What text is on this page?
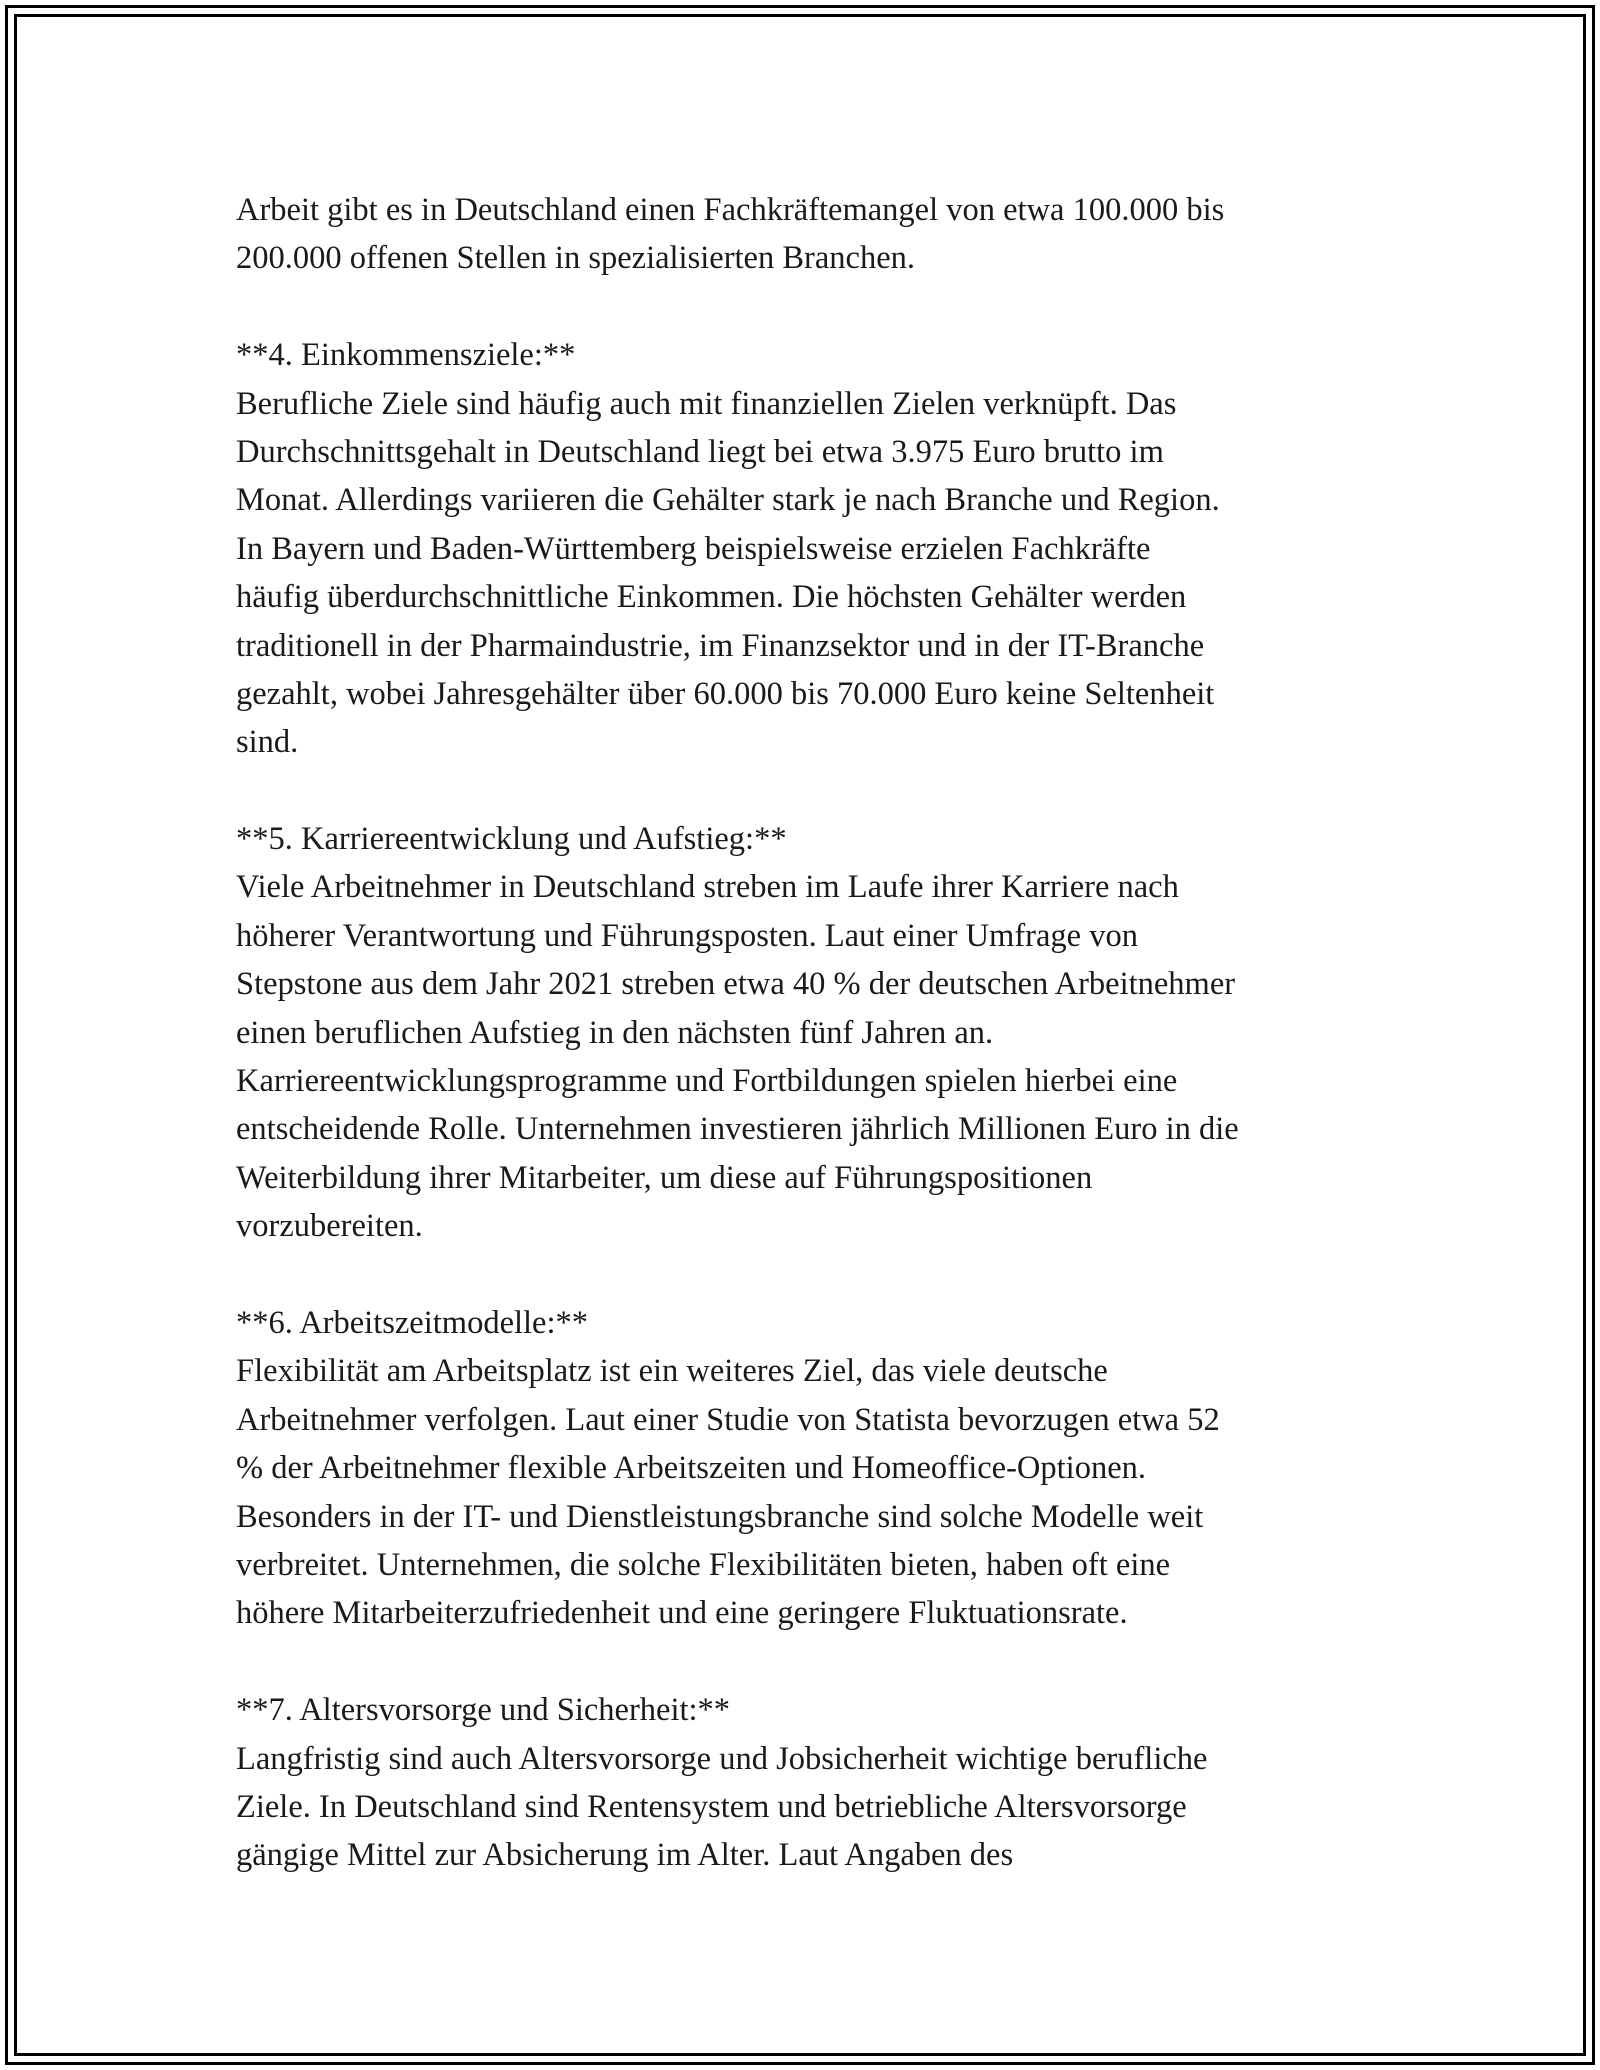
Arbeit gibt es in Deutschland einen Fachkräftemangel von etwa 100.000 bis
200.000 offenen Stellen in spezialisierten Branchen.
**4. Einkommensziele:**
Berufliche Ziele sind häufig auch mit finanziellen Zielen verknüpft. Das
Durchschnittsgehalt in Deutschland liegt bei etwa 3.975 Euro brutto im
Monat. Allerdings variieren die Gehälter stark je nach Branche und Region.
In Bayern und Baden-Württemberg beispielsweise erzielen Fachkräfte
häufig überdurchschnittliche Einkommen. Die höchsten Gehälter werden
traditionell in der Pharmaindustrie, im Finanzsektor und in der IT-Branche
gezahlt, wobei Jahresgehälter über 60.000 bis 70.000 Euro keine Seltenheit
sind.
**5. Karriereentwicklung und Aufstieg:**
Viele Arbeitnehmer in Deutschland streben im Laufe ihrer Karriere nach
höherer Verantwortung und Führungsposten. Laut einer Umfrage von
Stepstone aus dem Jahr 2021 streben etwa 40 % der deutschen Arbeitnehmer
einen beruflichen Aufstieg in den nächsten fünf Jahren an.
Karriereentwicklungsprogramme und Fortbildungen spielen hierbei eine
entscheidende Rolle. Unternehmen investieren jährlich Millionen Euro in die
Weiterbildung ihrer Mitarbeiter, um diese auf Führungspositionen
vorzubereiten.
**6. Arbeitszeitmodelle:**
Flexibilität am Arbeitsplatz ist ein weiteres Ziel, das viele deutsche
Arbeitnehmer verfolgen. Laut einer Studie von Statista bevorzugen etwa 52
% der Arbeitnehmer flexible Arbeitszeiten und Homeoffice-Optionen.
Besonders in der IT- und Dienstleistungsbranche sind solche Modelle weit
verbreitet. Unternehmen, die solche Flexibilitäten bieten, haben oft eine
höhere Mitarbeiterzufriedenheit und eine geringere Fluktuationsrate.
**7. Altersvorsorge und Sicherheit:**
Langfristig sind auch Altersvorsorge und Jobsicherheit wichtige berufliche
Ziele. In Deutschland sind Rentensystem und betriebliche Altersvorsorge
gängige Mittel zur Absicherung im Alter. Laut Angaben des
